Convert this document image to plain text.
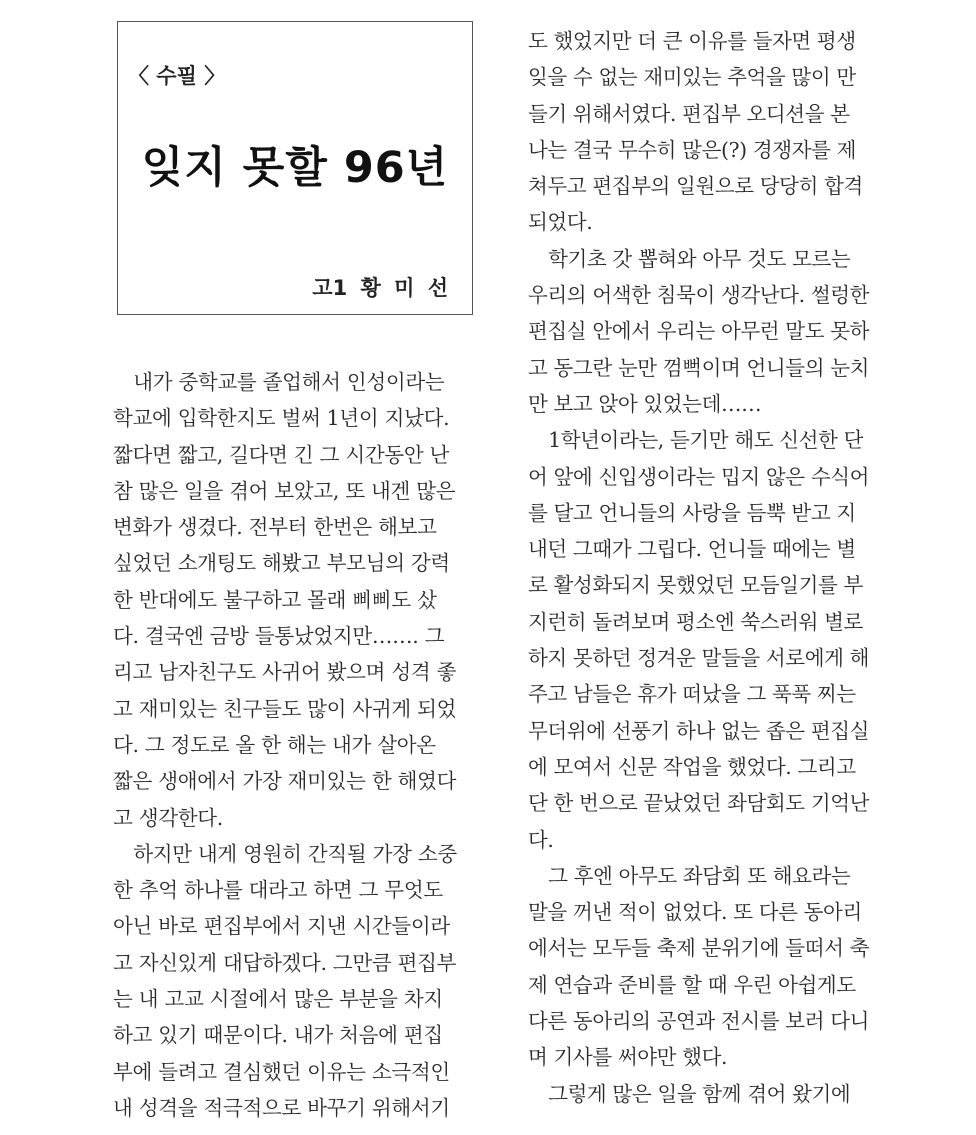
〈 수필 〉
잊지 못할 96년
고1 황 미 선
　내가 중학교를 졸업해서 인성이라는
학교에 입학한지도 벌써 1년이 지났다.
짧다면 짧고, 길다면 긴 그 시간동안 난
참 많은 일을 겪어 보았고, 또 내겐 많은
변화가 생겼다. 전부터 한번은 해보고
싶었던 소개팅도 해봤고 부모님의 강력
한 반대에도 불구하고 몰래 삐삐도 샀
다. 결국엔 금방 들통났었지만……. 그
리고 남자친구도 사귀어 봤으며 성격 좋
고 재미있는 친구들도 많이 사귀게 되었
다. 그 정도로 올 한 해는 내가 살아온
짧은 생애에서 가장 재미있는 한 해였다
고 생각한다.
　하지만 내게 영원히 간직될 가장 소중
한 추억 하나를 대라고 하면 그 무엇도
아닌 바로 편집부에서 지낸 시간들이라
고 자신있게 대답하겠다. 그만큼 편집부
는 내 고교 시절에서 많은 부분을 차지
하고 있기 때문이다. 내가 처음에 편집
부에 들려고 결심했던 이유는 소극적인
내 성격을 적극적으로 바꾸기 위해서기
도 했었지만 더 큰 이유를 들자면 평생
잊을 수 없는 재미있는 추억을 많이 만
들기 위해서였다. 편집부 오디션을 본
나는 결국 무수히 많은(?) 경쟁자를 제
쳐두고 편집부의 일원으로 당당히 합격
되었다.
　학기초 갓 뽑혀와 아무 것도 모르는
우리의 어색한 침묵이 생각난다. 썰렁한
편집실 안에서 우리는 아무런 말도 못하
고 동그란 눈만 껌뻑이며 언니들의 눈치
만 보고 앉아 있었는데……
　1학년이라는, 듣기만 해도 신선한 단
어 앞에 신입생이라는 밉지 않은 수식어
를 달고 언니들의 사랑을 듬뿍 받고 지
내던 그때가 그립다. 언니들 때에는 별
로 활성화되지 못했었던 모듬일기를 부
지런히 돌려보며 평소엔 쑥스러워 별로
하지 못하던 정겨운 말들을 서로에게 해
주고 남들은 휴가 떠났을 그 푹푹 찌는
무더위에 선풍기 하나 없는 좁은 편집실
에 모여서 신문 작업을 했었다. 그리고
단 한 번으로 끝났었던 좌담회도 기억난
다.
　그 후엔 아무도 좌담회 또 해요라는
말을 꺼낸 적이 없었다. 또 다른 동아리
에서는 모두들 축제 분위기에 들떠서 축
제 연습과 준비를 할 때 우린 아쉽게도
다른 동아리의 공연과 전시를 보러 다니
며 기사를 써야만 했다.
　그렇게 많은 일을 함께 겪어 왔기에
